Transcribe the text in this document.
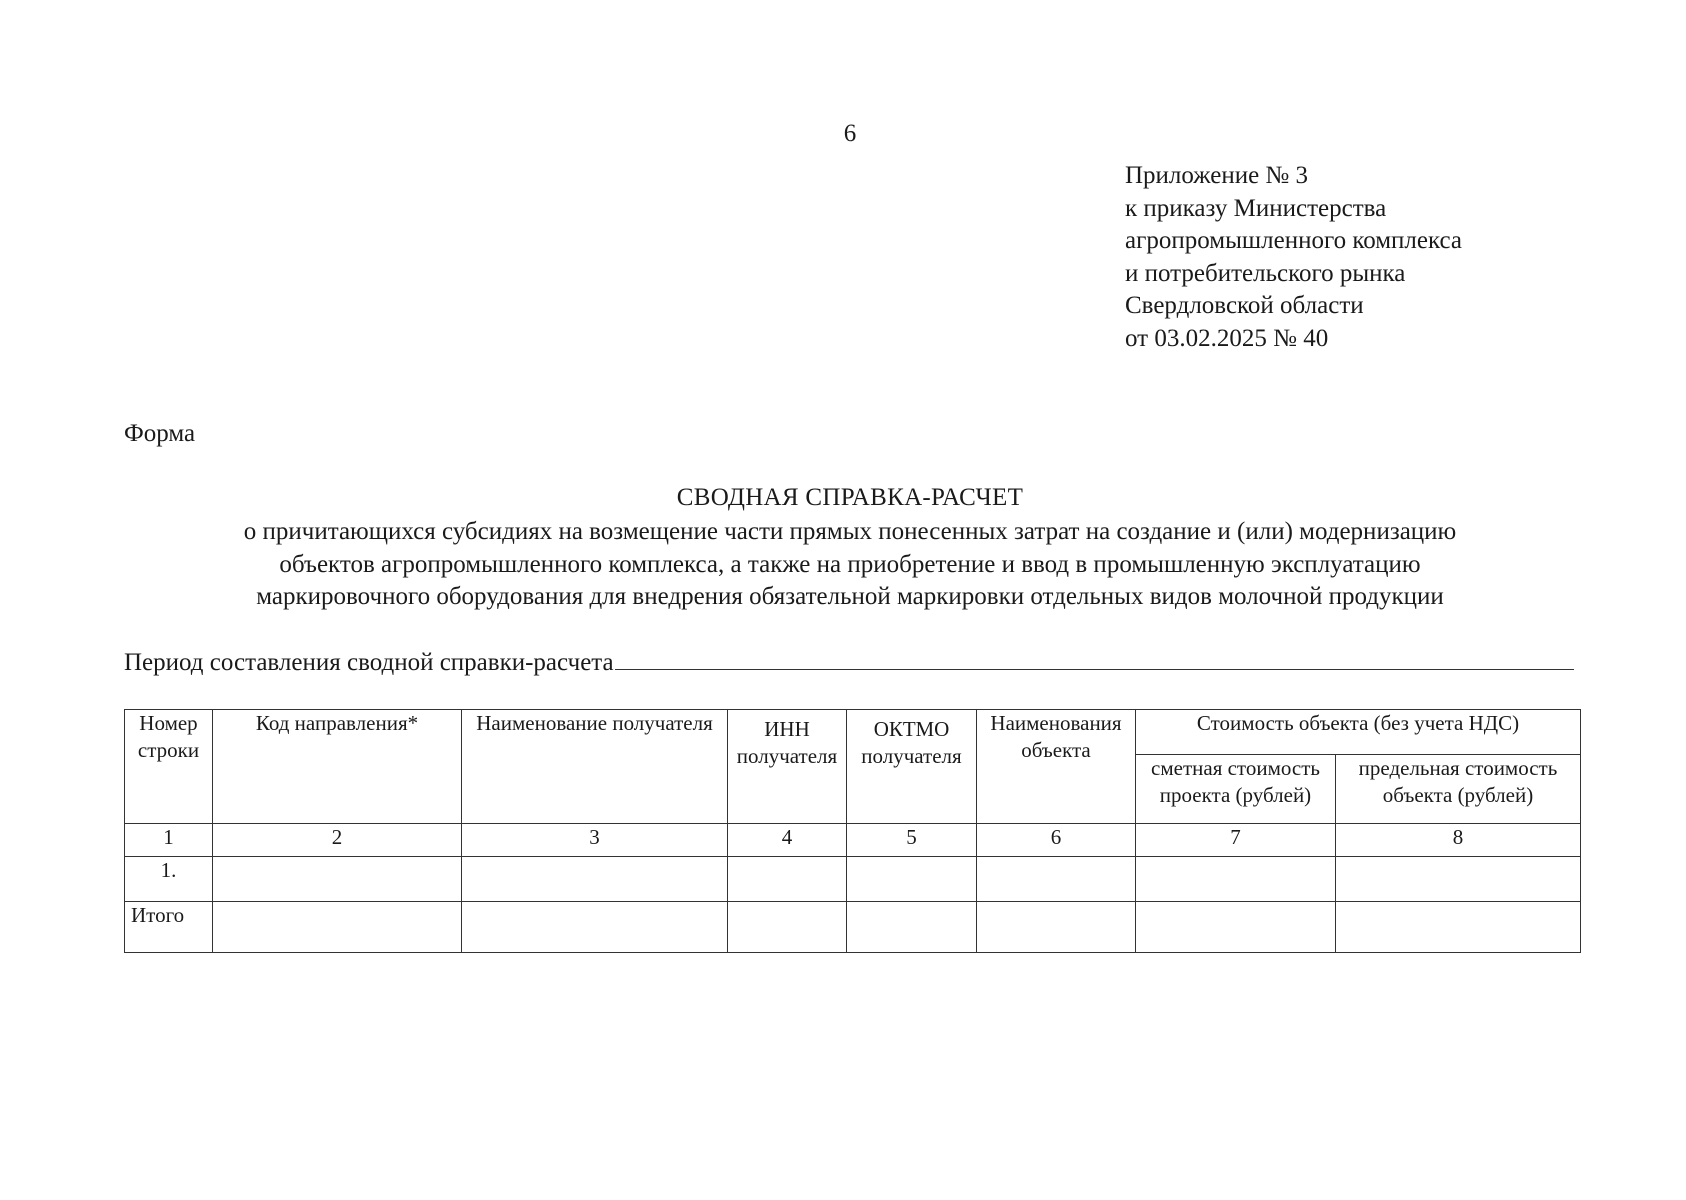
6
Приложение № 3
к приказу Министерства
агропромышленного комплекса
и потребительского рынка
Свердловской области
от 03.02.2025 № 40
Форма
СВОДНАЯ СПРАВКА-РАСЧЕТ
о причитающихся субсидиях на возмещение части прямых понесенных затрат на создание и (или) модернизацию
объектов агропромышленного комплекса, а также на приобретение и ввод в промышленную эксплуатацию
маркировочного оборудования для внедрения обязательной маркировки отдельных видов молочной продукции
Период составления сводной справки-расчета
Номер строки	Код направления*	Наименование получателя	ИНН получателя	ОКТМО получателя	Наименования объекта	Стоимость объекта (без учета НДС)	
						сметная стоимость проекта (рублей)	предельная стоимость объекта (рублей)
1	2	3	4	5	6	7	8
1.							
Итого							
